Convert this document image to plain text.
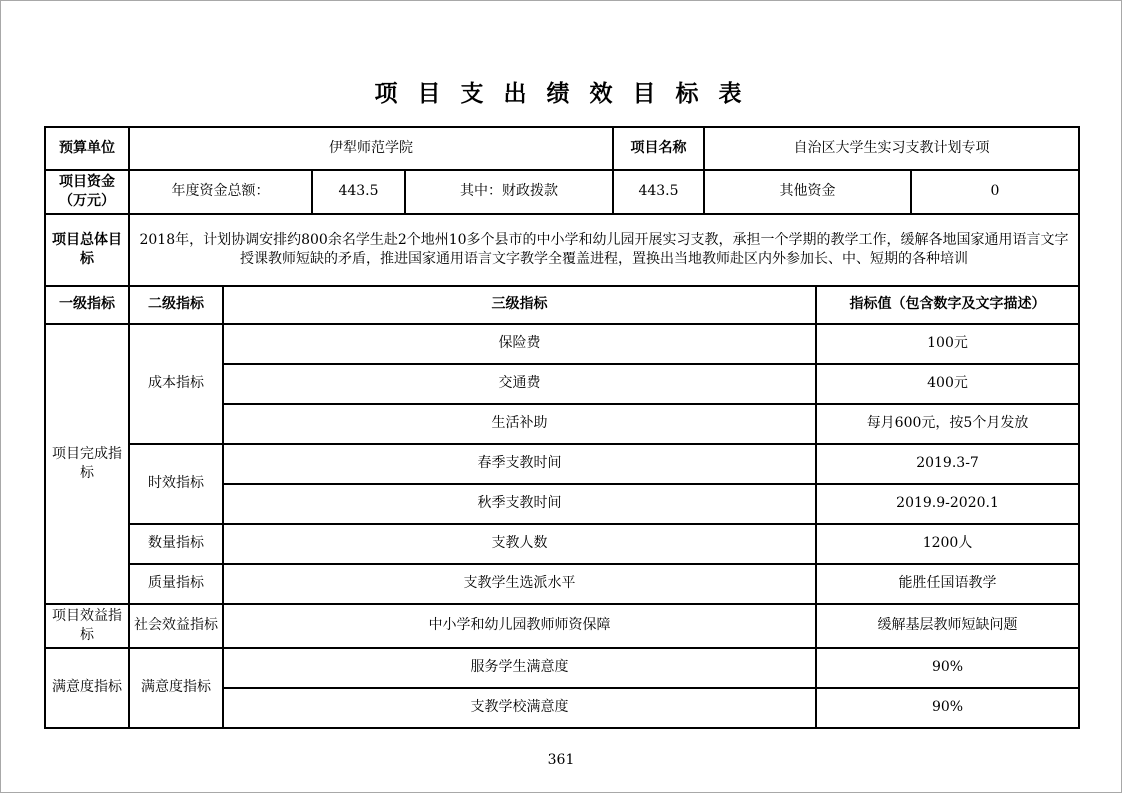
项 目 支 出 绩 效 目 标 表
预算单位	伊犁师范学院				项目名称	自治区大学生实习支教计划专项		
项目资金（万元）	年度资金总额：		443.5	其中：财政拨款	443.5	其他资金		0
项目总体目标	2018年，计划协调安排约800余名学生赴2个地州10多个县市的中小学和幼儿园开展实习支教，承担一个学期的教学工作，缓解各地国家通用语言文字授课教师短缺的矛盾，推进国家通用语言文字教学全覆盖进程，置换出当地教师赴区内外参加长、中、短期的各种培训							
一级指标	二级指标	三级指标					指标值（包含数字及文字描述）	
项目完成指标	成本指标	保险费					100元	
		交通费					400元	
		生活补助					每月600元，按5个月发放	
	时效指标	春季支教时间					2019.3-7	
		秋季支教时间					2019.9-2020.1	
	数量指标	支教人数					1200人	
	质量指标	支教学生选派水平					能胜任国语教学	
项目效益指标	社会效益指标	中小学和幼儿园教师师资保障					缓解基层教师短缺问题	
满意度指标	满意度指标	服务学生满意度					90%	
		支教学校满意度					90%	
361
